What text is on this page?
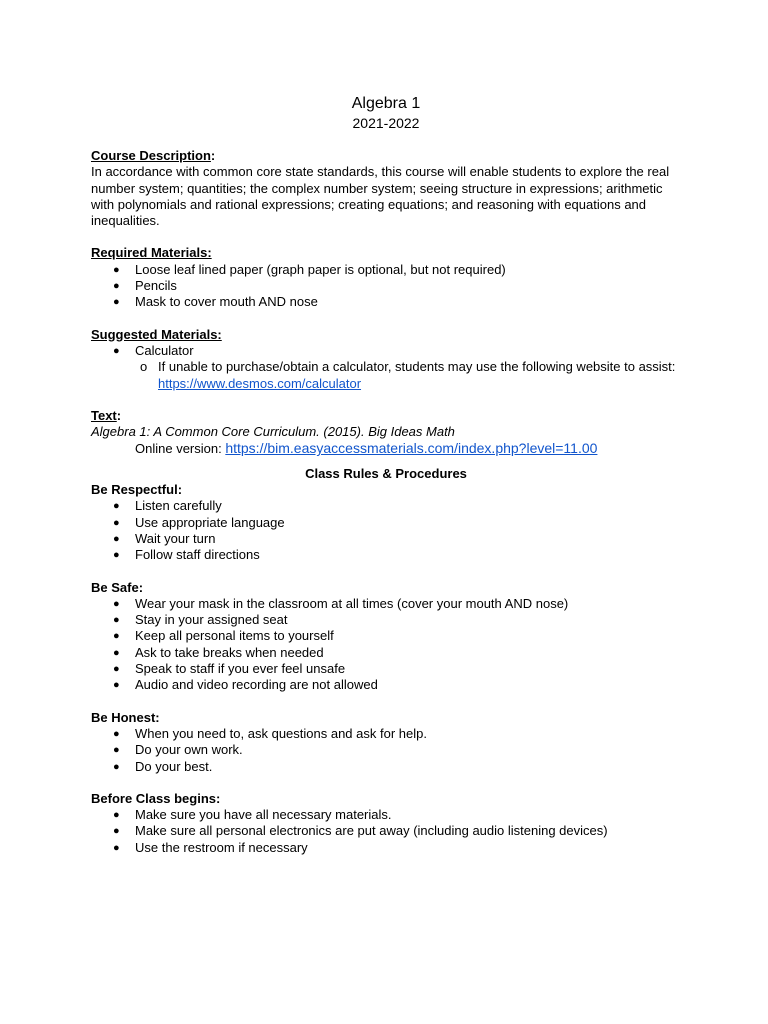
Algebra 1

2021-2022

Course Description:

In accordance with common core state standards, this course will enable students to explore the real number system; quantities; the complex number system; seeing structure in expressions; arithmetic with polynomials and rational expressions; creating equations; and reasoning with equations and inequalities.

Required Materials:

● Loose leaf lined paper (graph paper is optional, but not required)
● Pencils
● Mask to cover mouth AND nose

Suggested Materials:

● Calculator
o If unable to purchase/obtain a calculator, students may use the following website to assist: https://www.desmos.com/calculator

Text:

Algebra 1: A Common Core Curriculum. (2015). Big Ideas Math

Online version: https://bim.easyaccessmaterials.com/index.php?level=11.00

Class Rules & Procedures

Be Respectful:

● Listen carefully
● Use appropriate language
● Wait your turn
● Follow staff directions

Be Safe:

● Wear your mask in the classroom at all times (cover your mouth AND nose)
● Stay in your assigned seat
● Keep all personal items to yourself
● Ask to take breaks when needed
● Speak to staff if you ever feel unsafe
● Audio and video recording are not allowed

Be Honest:

● When you need to, ask questions and ask for help.
● Do your own work.
● Do your best.

Before Class begins:

● Make sure you have all necessary materials.
● Make sure all personal electronics are put away (including audio listening devices)
● Use the restroom if necessary
